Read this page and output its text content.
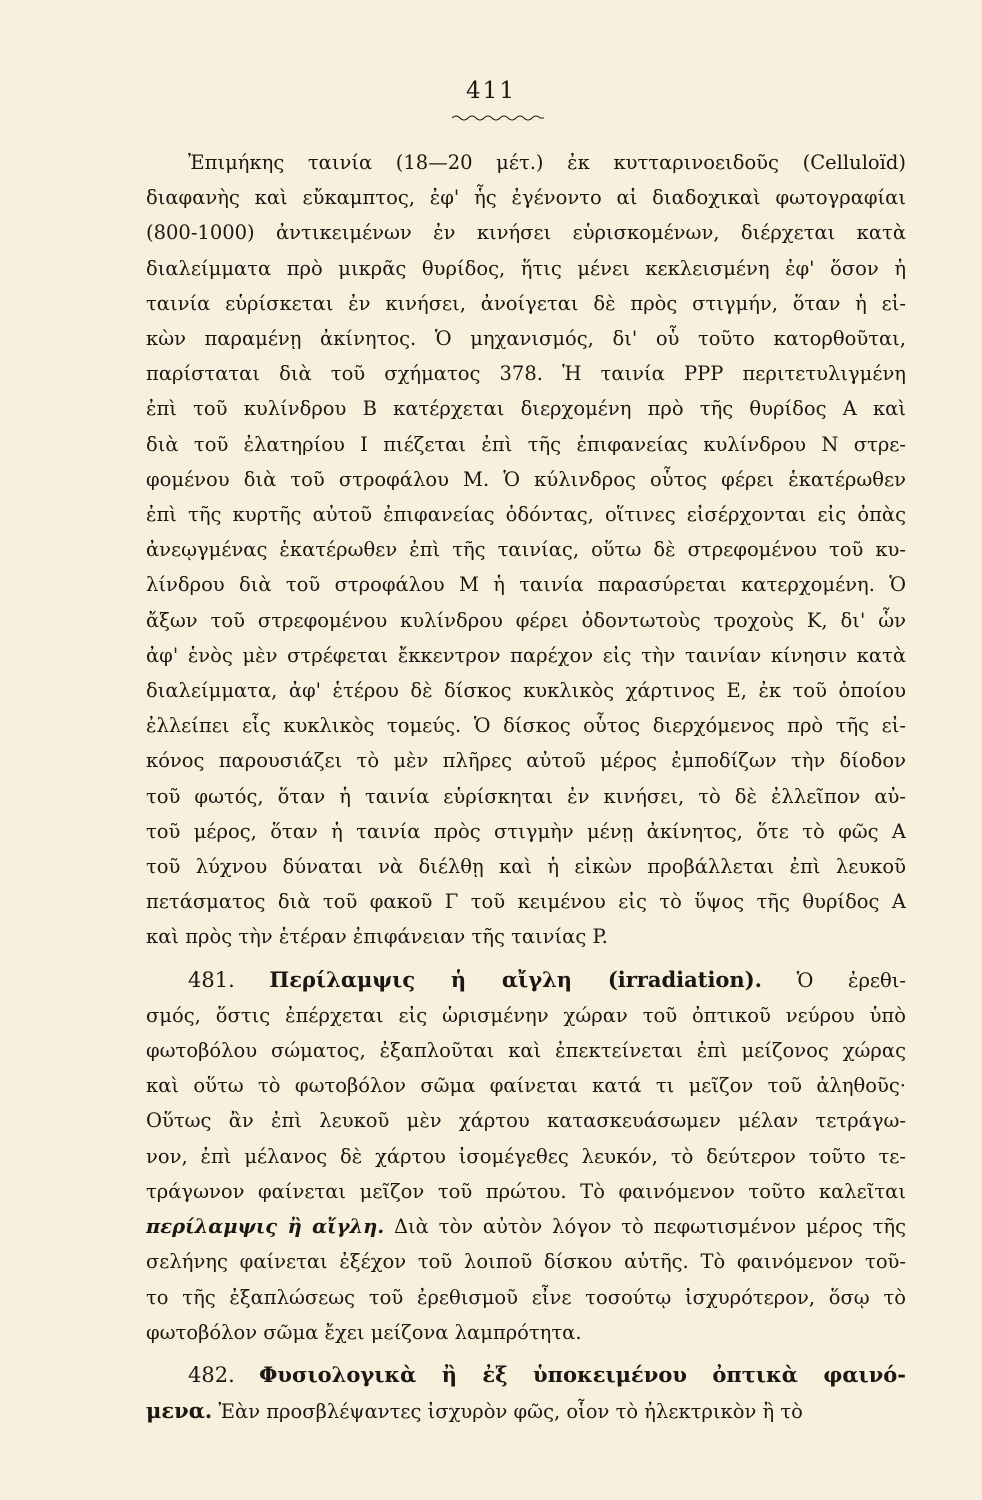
411
Ἐπιμήκης ταινία (18—20 μέτ.) ἐκ κυτταρινοειδοῦς (Celluloïd)
διαφανὴς καὶ εὔκαμπτος, ἐφ' ἧς ἐγένοντο αἱ διαδοχικαὶ φωτογραφίαι
(800-1000) ἀντικειμένων ἐν κινήσει εὑρισκομένων, διέρχεται κατὰ
διαλείμματα πρὸ μικρᾶς θυρίδος, ἥτις μένει κεκλεισμένη ἐφ' ὅσον ἡ
ταινία εὑρίσκεται ἐν κινήσει, ἀνοίγεται δὲ πρὸς στιγμήν, ὅταν ἡ εἰ-
κὼν παραμένῃ ἀκίνητος. Ὁ μηχανισμός, δι' οὗ τοῦτο κατορθοῦται,
παρίσταται διὰ τοῦ σχήματος 378. Ἡ ταινία PPP περιτετυλιγμένη
ἐπὶ τοῦ κυλίνδρου B κατέρχεται διερχομένη πρὸ τῆς θυρίδος A καὶ
διὰ τοῦ ἐλατηρίου I πιέζεται ἐπὶ τῆς ἐπιφανείας κυλίνδρου N στρε-
φομένου διὰ τοῦ στροφάλου M. Ὁ κύλινδρος οὗτος φέρει ἑκατέρωθεν
ἐπὶ τῆς κυρτῆς αὐτοῦ ἐπιφανείας ὀδόντας, οἵτινες εἰσέρχονται εἰς ὀπὰς
ἀνεῳγμένας ἑκατέρωθεν ἐπὶ τῆς ταινίας, οὕτω δὲ στρεφομένου τοῦ κυ-
λίνδρου διὰ τοῦ στροφάλου M ἡ ταινία παρασύρεται κατερχομένη. Ὁ
ἄξων τοῦ στρεφομένου κυλίνδρου φέρει ὀδοντωτοὺς τροχοὺς K, δι' ὧν
ἀφ' ἑνὸς μὲν στρέφεται ἔκκεντρον παρέχον εἰς τὴν ταινίαν κίνησιν κατὰ
διαλείμματα, ἀφ' ἑτέρου δὲ δίσκος κυκλικὸς χάρτινος E, ἐκ τοῦ ὁποίου
ἐλλείπει εἷς κυκλικὸς τομεύς. Ὁ δίσκος οὗτος διερχόμενος πρὸ τῆς εἰ-
κόνος παρουσιάζει τὸ μὲν πλῆρες αὐτοῦ μέρος ἐμποδίζων τὴν δίοδον
τοῦ φωτός, ὅταν ἡ ταινία εὑρίσκηται ἐν κινήσει, τὸ δὲ ἐλλεῖπον αὐ-
τοῦ μέρος, ὅταν ἡ ταινία πρὸς στιγμὴν μένῃ ἀκίνητος, ὅτε τὸ φῶς A
τοῦ λύχνου δύναται νὰ διέλθῃ καὶ ἡ εἰκὼν προβάλλεται ἐπὶ λευκοῦ
πετάσματος διὰ τοῦ φακοῦ Γ τοῦ κειμένου εἰς τὸ ὕψος τῆς θυρίδος A
καὶ πρὸς τὴν ἑτέραν ἐπιφάνειαν τῆς ταινίας P.
481. Περίλαμψις ἡ αἴγλη (irradiation). Ὁ ἐρεθι-
σμός, ὅστις ἐπέρχεται εἰς ὡρισμένην χώραν τοῦ ὀπτικοῦ νεύρου ὑπὸ
φωτοβόλου σώματος, ἐξαπλοῦται καὶ ἐπεκτείνεται ἐπὶ μείζονος χώρας
καὶ οὕτω τὸ φωτοβόλον σῶμα φαίνεται κατά τι μεῖζον τοῦ ἀληθοῦς·
Οὕτως ἂν ἐπὶ λευκοῦ μὲν χάρτου κατασκευάσωμεν μέλαν τετράγω-
νον, ἐπὶ μέλανος δὲ χάρτου ἰσομέγεθες λευκόν, τὸ δεύτερον τοῦτο τε-
τράγωνον φαίνεται μεῖζον τοῦ πρώτου. Τὸ φαινόμενον τοῦτο καλεῖται
περίλαμψις ἢ αἴγλη. Διὰ τὸν αὐτὸν λόγον τὸ πεφωτισμένον μέρος τῆς
σελήνης φαίνεται ἐξέχον τοῦ λοιποῦ δίσκου αὐτῆς. Τὸ φαινόμενον τοῦ-
το τῆς ἐξαπλώσεως τοῦ ἐρεθισμοῦ εἶνε τοσούτῳ ἰσχυρότερον, ὅσῳ τὸ
φωτοβόλον σῶμα ἔχει μείζονα λαμπρότητα.
482. Φυσιολογικὰ ἢ ἐξ ὑποκειμένου ὀπτικὰ φαινό-
μενα. Ἐὰν προσβλέψαντες ἰσχυρὸν φῶς, οἷον τὸ ἠλεκτρικὸν ἢ τὸ
